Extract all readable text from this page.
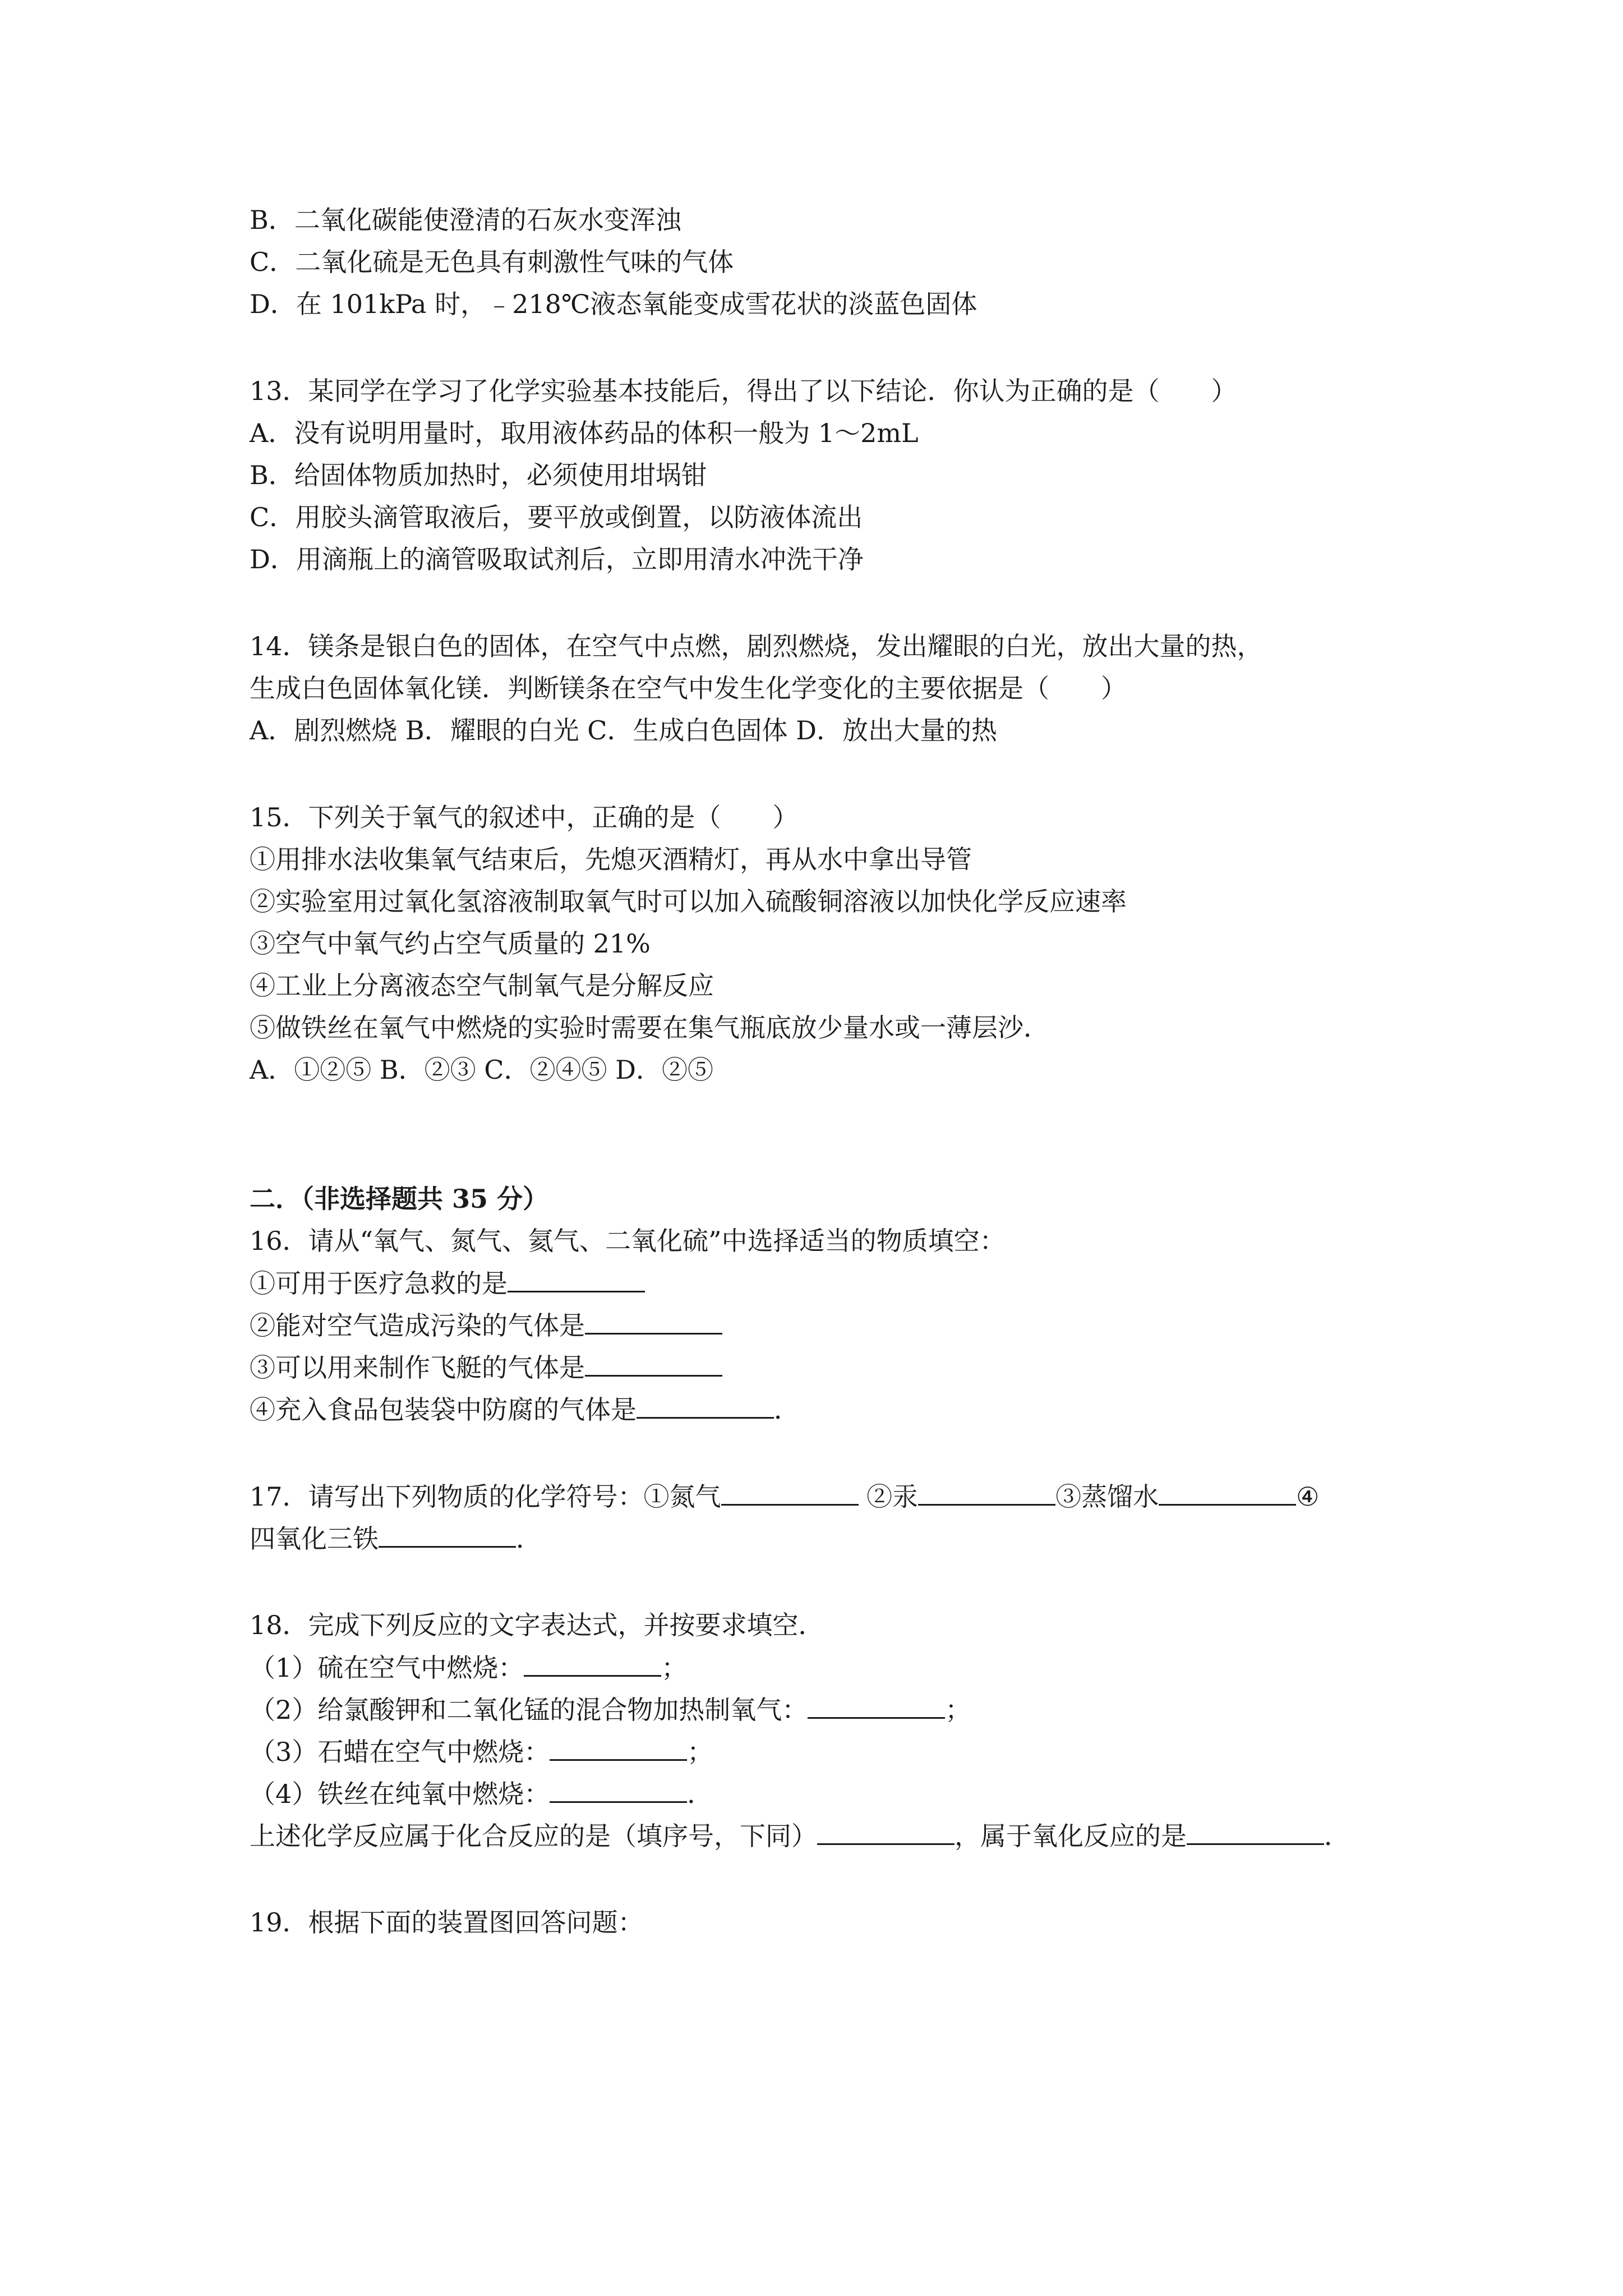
B．二氧化碳能使澄清的石灰水变浑浊
C．二氧化硫是无色具有刺激性气味的气体
D．在 101kPa 时，﹣218℃液态氧能变成雪花状的淡蓝色固体
13．某同学在学习了化学实验基本技能后，得出了以下结论．你认为正确的是（　　）
A．没有说明用量时，取用液体药品的体积一般为 1～2mL
B．给固体物质加热时，必须使用坩埚钳
C．用胶头滴管取液后，要平放或倒置，以防液体流出
D．用滴瓶上的滴管吸取试剂后，立即用清水冲洗干净
14．镁条是银白色的固体，在空气中点燃，剧烈燃烧，发出耀眼的白光，放出大量的热，
生成白色固体氧化镁．判断镁条在空气中发生化学变化的主要依据是（　　）
A．剧烈燃烧 B．耀眼的白光 C．生成白色固体 D．放出大量的热
15．下列关于氧气的叙述中，正确的是（　　）
①用排水法收集氧气结束后，先熄灭酒精灯，再从水中拿出导管
②实验室用过氧化氢溶液制取氧气时可以加入硫酸铜溶液以加快化学反应速率
③空气中氧气约占空气质量的 21%
④工业上分离液态空气制氧气是分解反应
⑤做铁丝在氧气中燃烧的实验时需要在集气瓶底放少量水或一薄层沙．
A．①②⑤ B．②③ C．②④⑤ D．②⑤
二．（非选择题共 35 分）
16．请从“氧气、氮气、氦气、二氧化硫”中选择适当的物质填空：
①可用于医疗急救的是
②能对空气造成污染的气体是
③可以用来制作飞艇的气体是
④充入食品包装袋中防腐的气体是	．
17．请写出下列物质的化学符号：①氮气	②汞	③蒸馏水	④
四氧化三铁	．
18．完成下列反应的文字表达式，并按要求填空．
（1）硫在空气中燃烧：	；
（2）给氯酸钾和二氧化锰的混合物加热制氧气：	；
（3）石蜡在空气中燃烧：	；
（4）铁丝在纯氧中燃烧：	．
上述化学反应属于化合反应的是（填序号，下同）	，属于氧化反应的是	．
19．根据下面的装置图回答问题：
